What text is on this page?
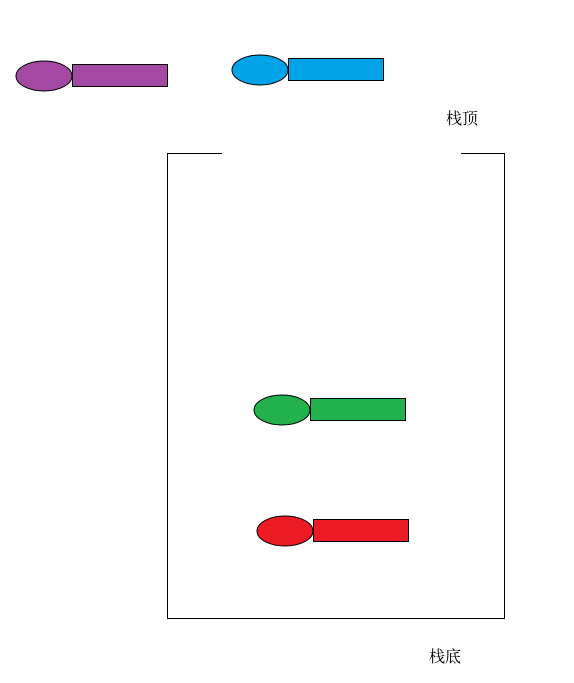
栈顶
栈底
